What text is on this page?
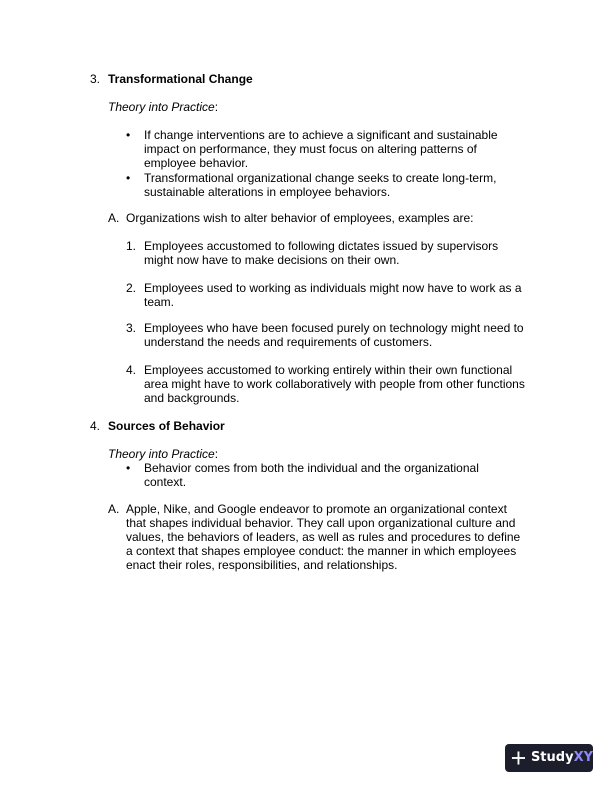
3. Transformational Change
Theory into Practice:
•	If change interventions are to achieve a significant and sustainable impact on performance, they must focus on altering patterns of employee behavior.
•	Transformational organizational change seeks to create long-term, sustainable alterations in employee behaviors.
A. Organizations wish to alter behavior of employees, examples are:
1. Employees accustomed to following dictates issued by supervisors might now have to make decisions on their own.
2. Employees used to working as individuals might now have to work as a team.
3. Employees who have been focused purely on technology might need to understand the needs and requirements of customers.
4. Employees accustomed to working entirely within their own functional area might have to work collaboratively with people from other functions and backgrounds.
4. Sources of Behavior
Theory into Practice:
•	Behavior comes from both the individual and the organizational context.
A. Apple, Nike, and Google endeavor to promote an organizational context that shapes individual behavior. They call upon organizational culture and values, the behaviors of leaders, as well as rules and procedures to define a context that shapes employee conduct: the manner in which employees enact their roles, responsibilities, and relationships.
StudyXY
